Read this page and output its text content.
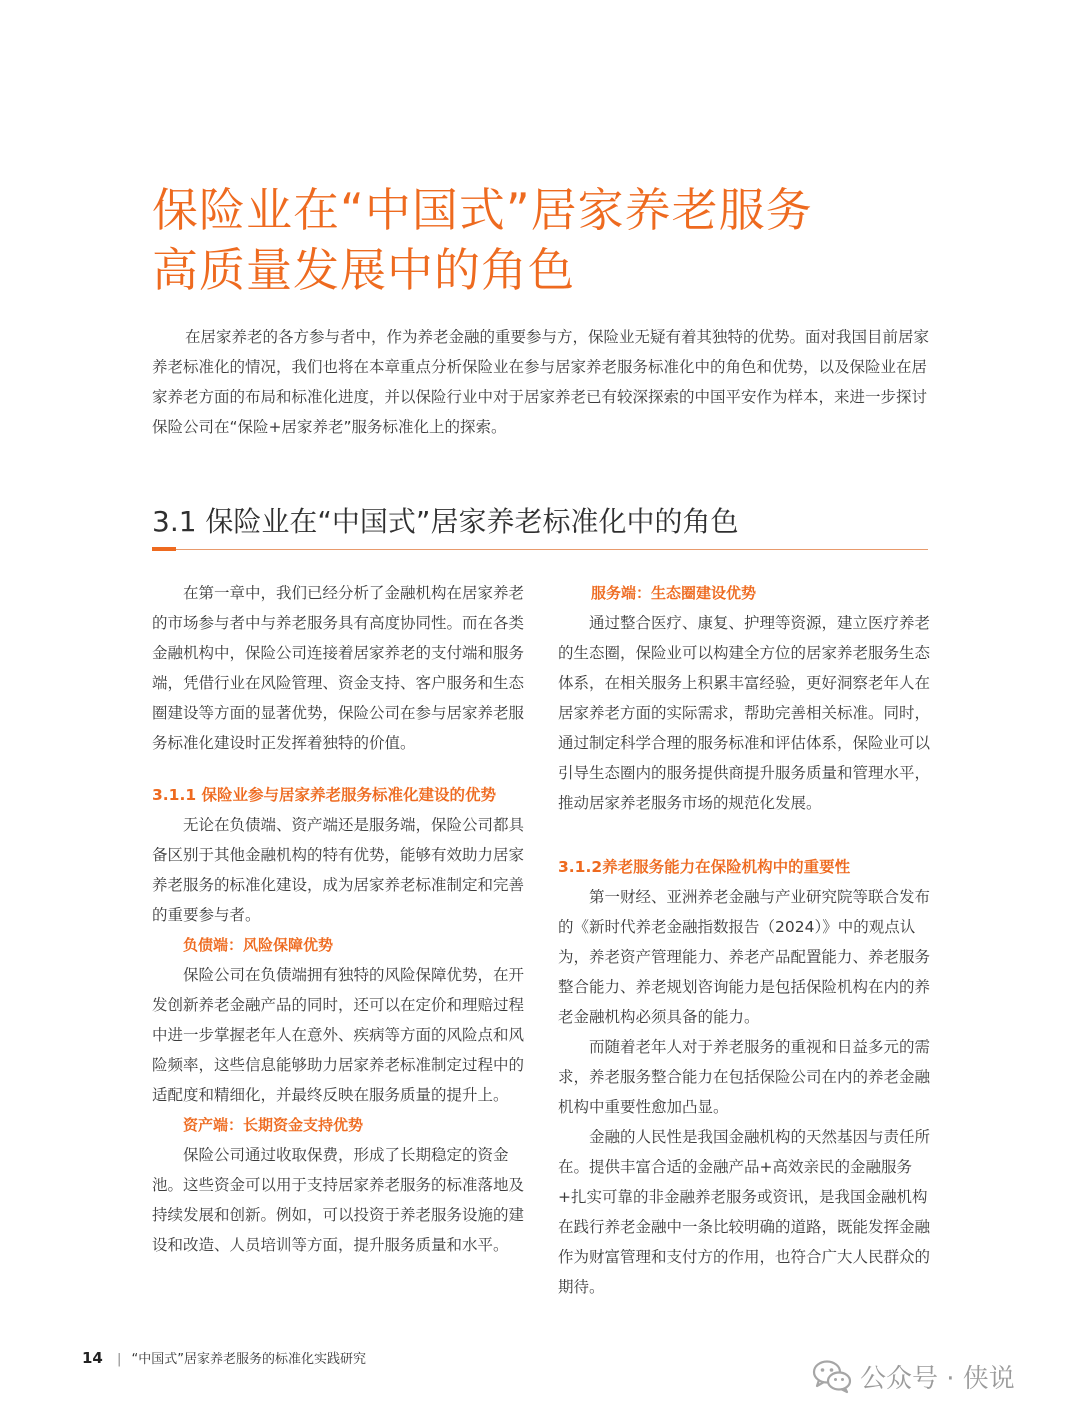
保险业在“中国式”居家养老服务
高质量发展中的角色

在居家养老的各方参与者中，作为养老金融的重要参与方，保险业无疑有着其独特的优势。面对我国目前居家养老标准化的情况，我们也将在本章重点分析保险业在参与居家养老服务标准化中的角色和优势，以及保险业在居家养老方面的布局和标准化进度，并以保险行业中对于居家养老已有较深探索的中国平安作为样本，来进一步探讨保险公司在“保险+居家养老”服务标准化上的探索。

3.1 保险业在“中国式”居家养老标准化中的角色

在第一章中，我们已经分析了金融机构在居家养老的市场参与者中与养老服务具有高度协同性。而在各类金融机构中，保险公司连接着居家养老的支付端和服务端，凭借行业在风险管理、资金支持、客户服务和生态圈建设等方面的显著优势，保险公司在参与居家养老服务标准化建设时正发挥着独特的价值。

3.1.1 保险业参与居家养老服务标准化建设的优势

无论在负债端、资产端还是服务端，保险公司都具备区别于其他金融机构的特有优势，能够有效助力居家养老服务的标准化建设，成为居家养老标准制定和完善的重要参与者。

负债端：风险保障优势

保险公司在负债端拥有独特的风险保障优势，在开发创新养老金融产品的同时，还可以在定价和理赔过程中进一步掌握老年人在意外、疾病等方面的风险点和风险频率，这些信息能够助力居家养老标准制定过程中的适配度和精细化，并最终反映在服务质量的提升上。

资产端：长期资金支持优势

保险公司通过收取保费，形成了长期稳定的资金池。这些资金可以用于支持居家养老服务的标准落地及持续发展和创新。例如，可以投资于养老服务设施的建设和改造、人员培训等方面，提升服务质量和水平。

服务端：生态圈建设优势

通过整合医疗、康复、护理等资源，建立医疗养老的生态圈，保险业可以构建全方位的居家养老服务生态体系，在相关服务上积累丰富经验，更好洞察老年人在居家养老方面的实际需求，帮助完善相关标准。同时，通过制定科学合理的服务标准和评估体系，保险业可以引导生态圈内的服务提供商提升服务质量和管理水平，推动居家养老服务市场的规范化发展。

3.1.2养老服务能力在保险机构中的重要性

第一财经、亚洲养老金融与产业研究院等联合发布的《新时代养老金融指数报告（2024）》中的观点认为，养老资产管理能力、养老产品配置能力、养老服务整合能力、养老规划咨询能力是包括保险机构在内的养老金融机构必须具备的能力。

而随着老年人对于养老服务的重视和日益多元的需求，养老服务整合能力在包括保险公司在内的养老金融机构中重要性愈加凸显。

金融的人民性是我国金融机构的天然基因与责任所在。提供丰富合适的金融产品+高效亲民的金融服务+扎实可靠的非金融养老服务或资讯，是我国金融机构在践行养老金融中一条比较明确的道路，既能发挥金融作为财富管理和支付方的作用，也符合广大人民群众的期待。

14 | “中国式”居家养老服务的标准化实践研究
公众号 · 侠说
